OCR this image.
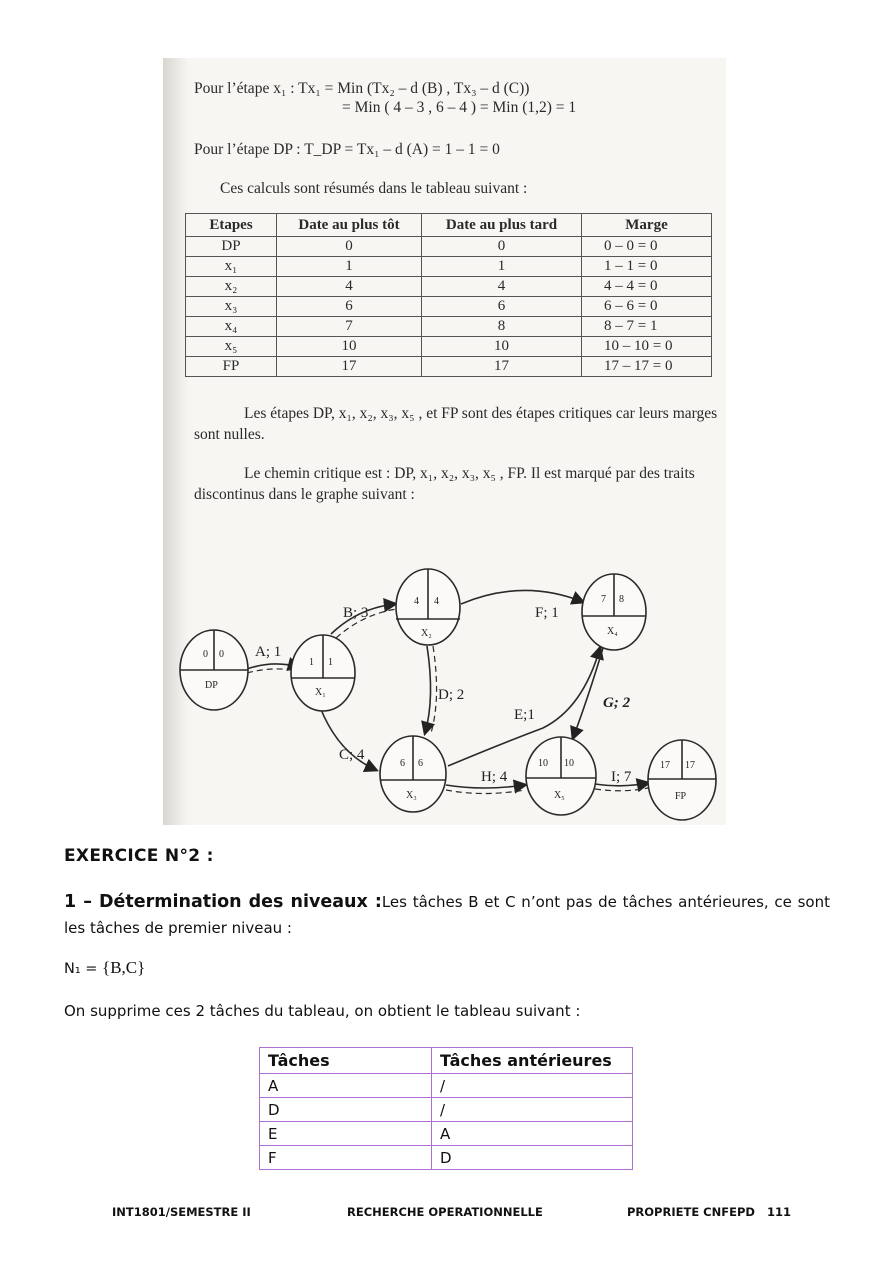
Pour l’étape x₁ : Tx₁ = Min (Tx₂ – d (B) , Tx₃ – d (C))
= Min ( 4 – 3 , 6 – 4 ) = Min (1,2) = 1
Pour l’étape DP : T_DP = Tx₁ – d (A) = 1 – 1 = 0
Ces calculs sont résumés dans le tableau suivant :
Etapes	Date au plus tôt	Date au plus tard	Marge
DP	0	0	0 – 0 = 0
x₁	1	1	1 – 1 = 0
x₂	4	4	4 – 4 = 0
x₃	6	6	6 – 6 = 0
x₄	7	8	8 – 7 = 1
x₅	10	10	10 – 10 = 0
FP	17	17	17 – 17 = 0
Les étapes DP, x₁, x₂, x₃, x₅ , et FP sont des étapes critiques car leurs marges sont nulles.
Le chemin critique est : DP, x₁, x₂, x₃, x₅ , FP. Il est marqué par des traits discontinus dans le graphe suivant :
0 0
DP
1 1
X₁
4 4
X₂
6 6
X₃
7 8
X₄
10 10
X₅
17 17
FP
A; 1
B; 3
C; 4
D; 2
E;1
F; 1
G; 2
H; 4	I; 7
EXERCICE N°2 :
1 – Détermination des niveaux :Les tâches B et C n’ont pas de tâches antérieures, ce sont les tâches de premier niveau :
N₁ = {B,C}
On supprime ces 2 tâches du tableau, on obtient le tableau suivant :
Tâches	Tâches antérieures
A	/
D	/
E	A
F	D
INT1801/SEMESTRE II	RECHERCHE OPERATIONNELLE	PROPRIETE CNFEPD 111
